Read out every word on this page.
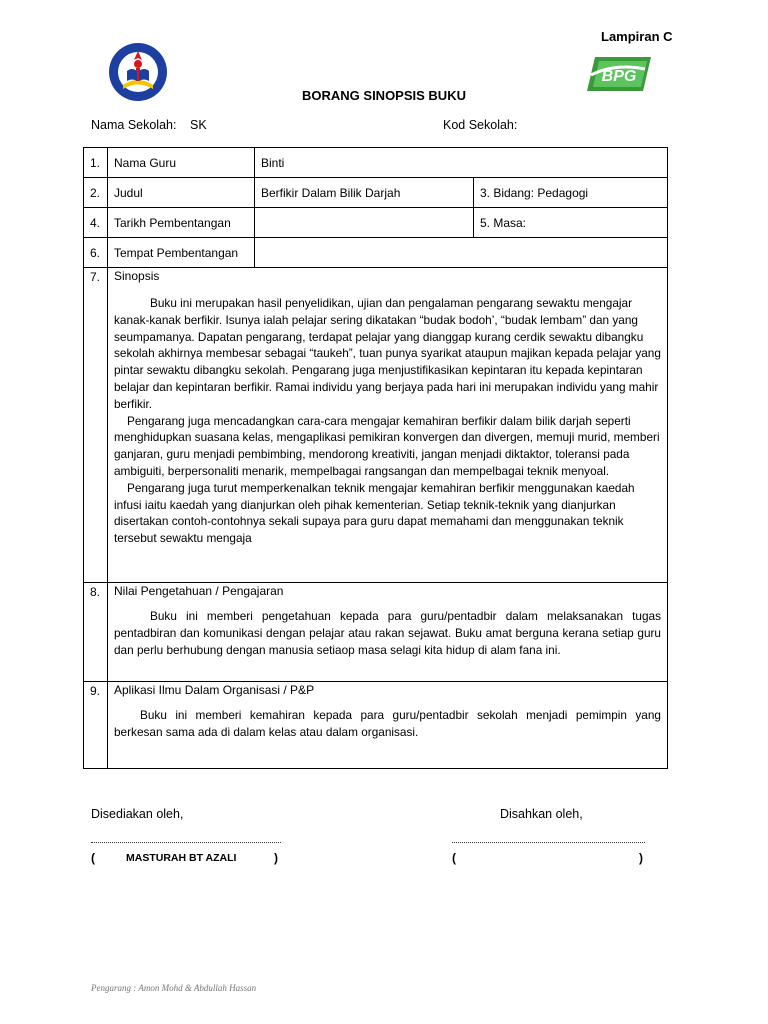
Lampiran C
BPG
BORANG SINOPSIS BUKU
Nama Sekolah: SK	Kod Sekolah:
1.	Nama Guru	Binti	
2.	Judul	Berfikir Dalam Bilik Darjah	3. Bidang: Pedagogi
4.	Tarikh Pembentangan		5. Masa:
6.	Tempat Pembentangan		
7.	Sinopsis

Buku ini merupakan hasil penyelidikan, ujian dan pengalaman pengarang sewaktu mengajar kanak-kanak berfikir. Isunya ialah pelajar sering dikatakan “budak bodoh’, “budak lembam” dan yang seumpamanya. Dapatan pengarang, terdapat pelajar yang dianggap kurang cerdik sewaktu dibangku sekolah akhirnya membesar sebagai “taukeh”, tuan punya syarikat ataupun majikan kepada pelajar yang pintar sewaktu dibangku sekolah. Pengarang juga menjustifikasikan kepintaran itu kepada kepintaran belajar dan kepintaran berfikir. Ramai individu yang berjaya pada hari ini merupakan individu yang mahir berfikir.

Pengarang juga mencadangkan cara-cara mengajar kemahiran berfikir dalam bilik darjah seperti menghidupkan suasana kelas, mengaplikasi pemikiran konvergen dan divergen, memuji murid, memberi ganjaran, guru menjadi pembimbing, mendorong kreativiti, jangan menjadi diktaktor, toleransi pada ambiguiti, berpersonaliti menarik, mempelbagai rangsangan dan mempelbagai teknik menyoal.

Pengarang juga turut memperkenalkan teknik mengajar kemahiran berfikir menggunakan kaedah infusi iaitu kaedah yang dianjurkan oleh pihak kementerian. Setiap teknik-teknik yang dianjurkan disertakan contoh-contohnya sekali supaya para guru dapat memahami dan menggunakan teknik tersebut sewaktu mengaja		

8.	Nilai Pengetahuan / Pengajaran

Buku ini memberi pengetahuan kepada para guru/pentadbir dalam melaksanakan tugas pentadbiran dan komunikasi dengan pelajar atau rakan sejawat. Buku amat berguna kerana setiap guru dan perlu berhubung dengan manusia setiaop masa selagi kita hidup di alam fana ini.		

9.	Aplikasi Ilmu Dalam Organisasi / P&P

Buku ini memberi kemahiran kepada para guru/pentadbir sekolah menjadi pemimpin yang berkesan sama ada di dalam kelas atau dalam organisasi.		

Disediakan oleh,	Disahkan oleh,
(	MASTURAH BT AZALI	)	(	)
Pengarang : Amon Mohd & Abdullah Hassan
